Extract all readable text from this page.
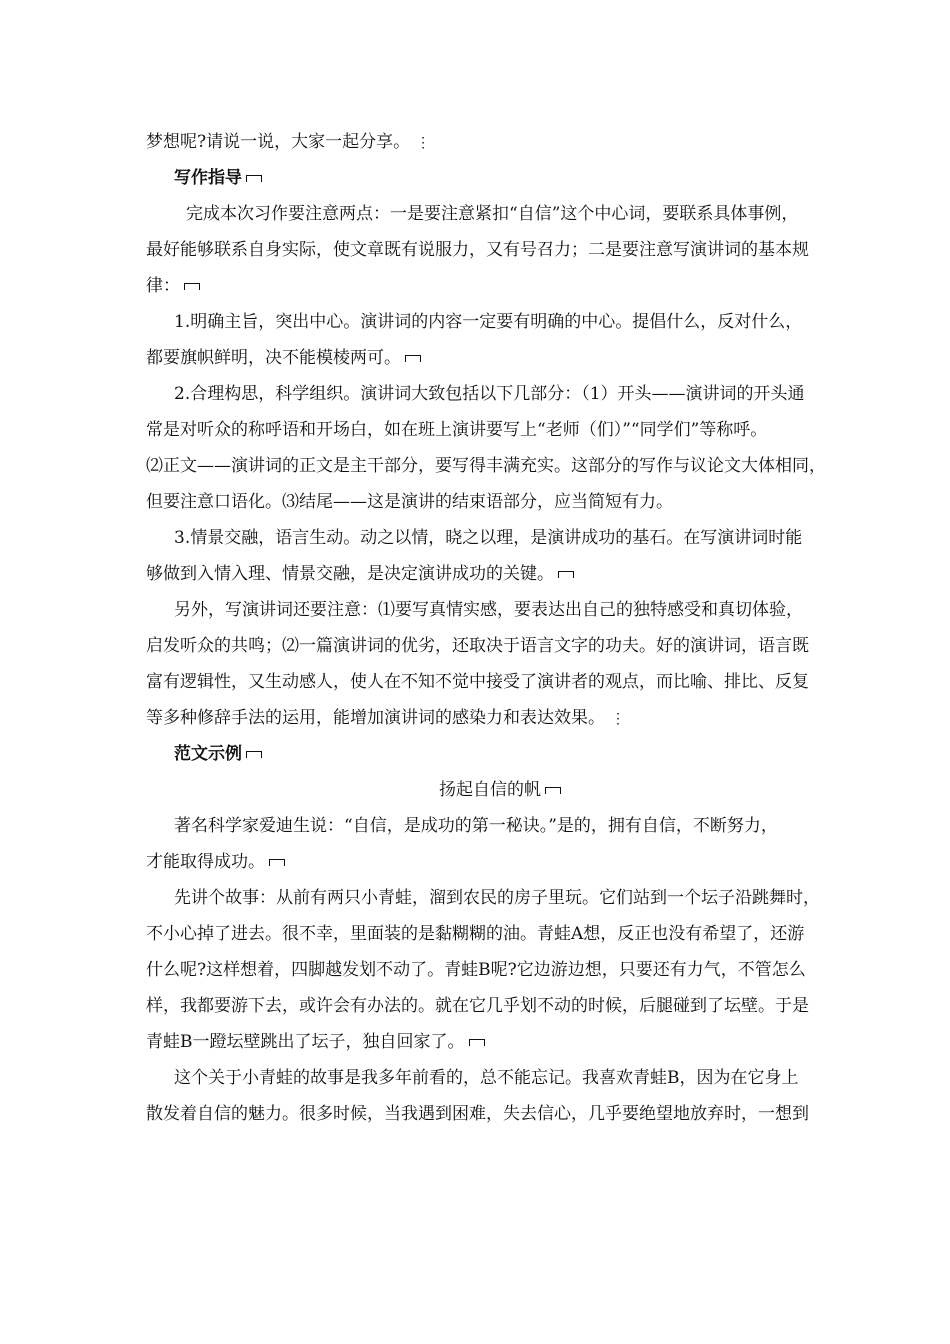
梦想呢?请说一说，大家一起分享。 ⋮
写作指导
完成本次习作要注意两点：一是要注意紧扣“自信”这个中心词，要联系具体事例，
最好能够联系自身实际，使文章既有说服力，又有号召力；二是要注意写演讲词的基本规
律：
1.明确主旨，突出中心。演讲词的内容一定要有明确的中心。提倡什么，反对什么，
都要旗帜鲜明，决不能模棱两可。
2.合理构思，科学组织。演讲词大致包括以下几部分：（1）开头——演讲词的开头通
常是对听众的称呼语和开场白，如在班上演讲要写上“老师（们）”“同学们”等称呼。
⑵正文——演讲词的正文是主干部分，要写得丰满充实。这部分的写作与议论文大体相同，
但要注意口语化。⑶结尾——这是演讲的结束语部分，应当简短有力。
3.情景交融，语言生动。动之以情，晓之以理，是演讲成功的基石。在写演讲词时能
够做到入情入理、情景交融，是决定演讲成功的关键。
另外，写演讲词还要注意：⑴要写真情实感，要表达出自己的独特感受和真切体验，
启发听众的共鸣；⑵一篇演讲词的优劣，还取决于语言文字的功夫。好的演讲词，语言既
富有逻辑性，又生动感人，使人在不知不觉中接受了演讲者的观点，而比喻、排比、反复
等多种修辞手法的运用，能增加演讲词的感染力和表达效果。 ⋮
范文示例
扬起自信的帆
著名科学家爱迪生说：“自信，是成功的第一秘诀。”是的，拥有自信，不断努力，
才能取得成功。
先讲个故事：从前有两只小青蛙，溜到农民的房子里玩。它们站到一个坛子沿跳舞时，
不小心掉了进去。很不幸，里面装的是黏糊糊的油。青蛙A想，反正也没有希望了，还游
什么呢?这样想着，四脚越发划不动了。青蛙B呢?它边游边想，只要还有力气，不管怎么
样，我都要游下去，或许会有办法的。就在它几乎划不动的时候，后腿碰到了坛壁。于是
青蛙B一蹬坛壁跳出了坛子，独自回家了。
这个关于小青蛙的故事是我多年前看的，总不能忘记。我喜欢青蛙B，因为在它身上
散发着自信的魅力。很多时候，当我遇到困难，失去信心，几乎要绝望地放弃时，一想到
